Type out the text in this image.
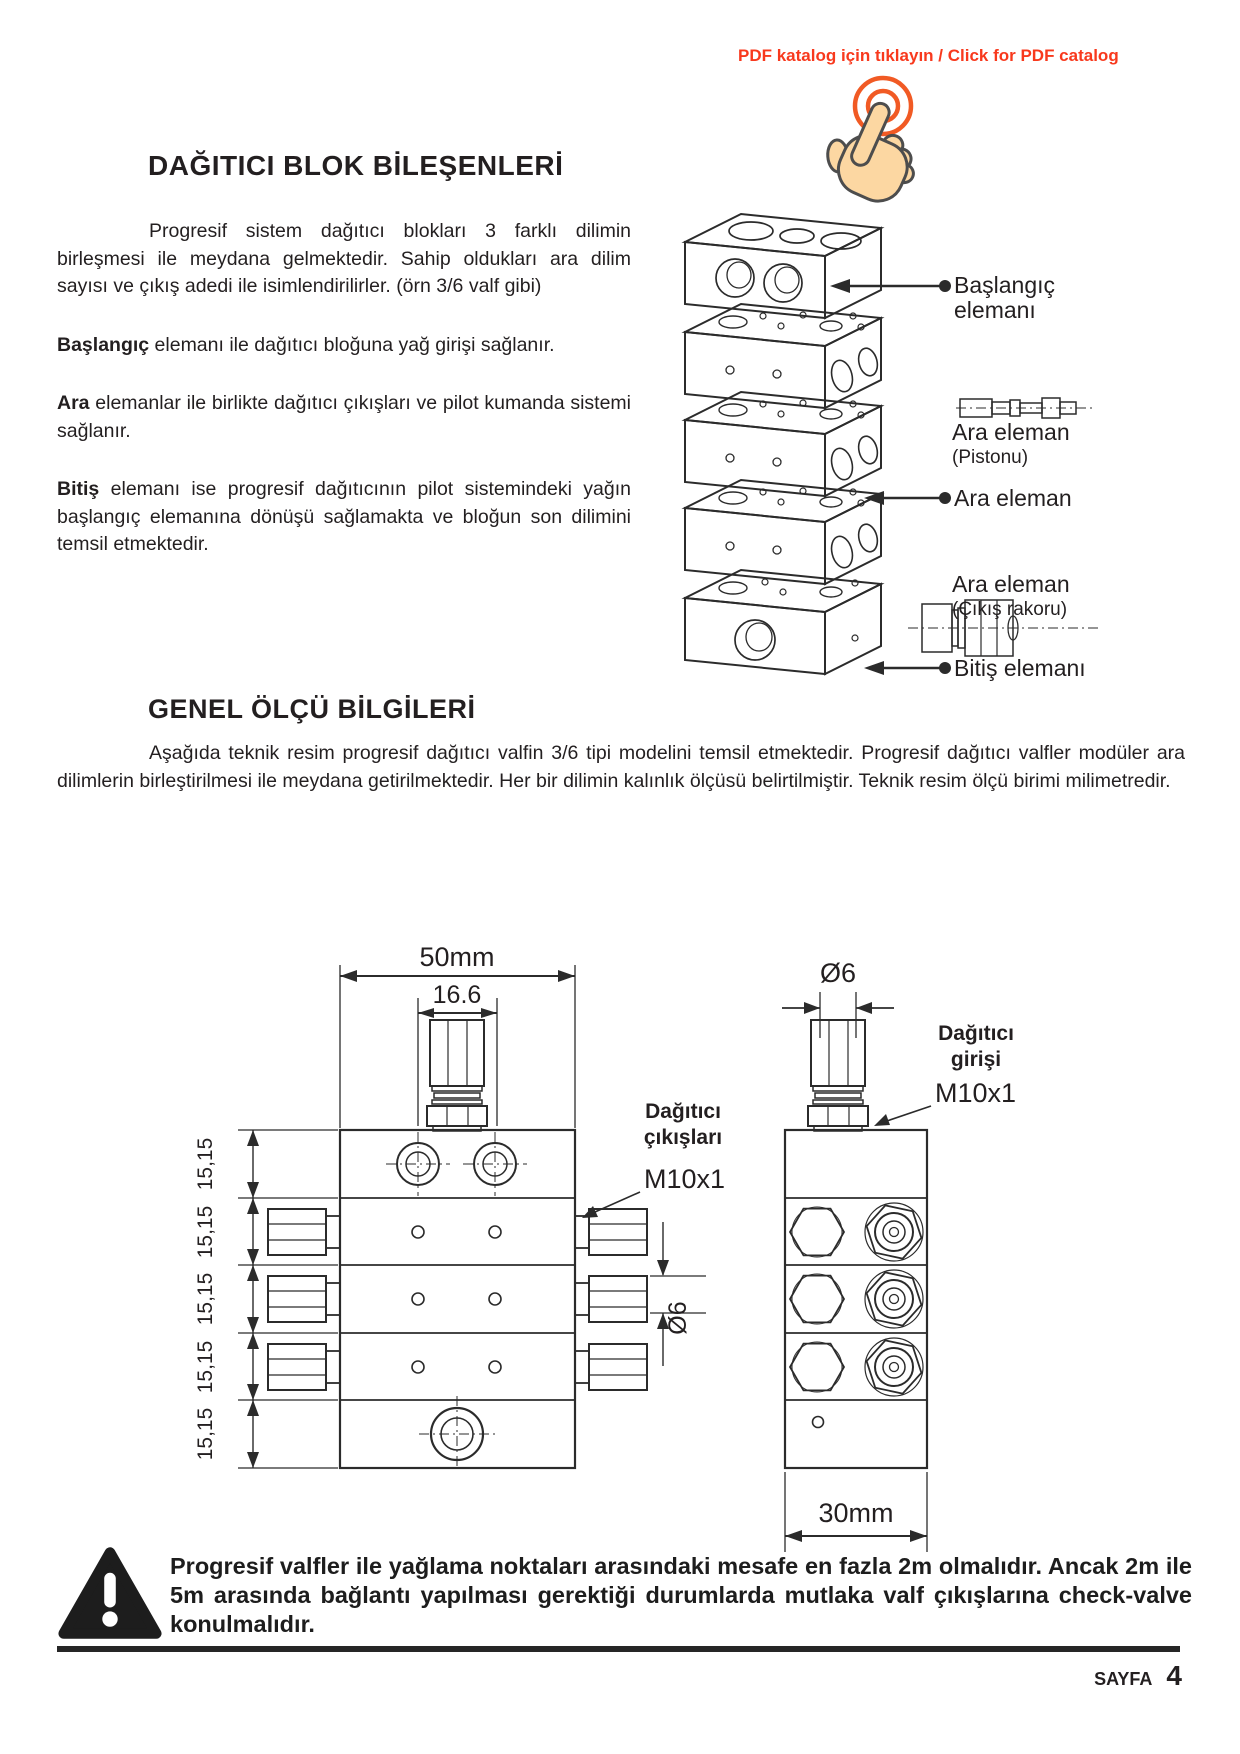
PDF katalog için tıklayın / Click for PDF catalog
DAĞITICI BLOK BİLEŞENLERİ

Progresif sistem dağıtıcı blokları 3 farklı dilimin birleşmesi ile meydana gelmektedir. Sahip oldukları ara dilim sayısı ve çıkış adedi ile isimlendirilirler. (örn 3/6 valf gibi)

Başlangıç elemanı ile dağıtıcı bloğuna yağ girişi sağlanır.

Ara elemanlar ile birlikte dağıtıcı çıkışları ve pilot kumanda sistemi sağlanır.

Bitiş elemanı ise progresif dağıtıcının pilot sistemindeki yağın başlangıç elemanına dönüşü sağlamakta ve bloğun son dilimini temsil etmektedir.

Başlangıç
elemanı
Ara eleman
(Pistonu)
Ara eleman
Ara eleman
(Çıkış rakoru)
Bitiş elemanı
GENEL ÖLÇÜ BİLGİLERİ

Aşağıda teknik resim progresif dağıtıcı valfin 3/6 tipi modelini temsil etmektedir. Progresif dağıtıcı valfler modüler ara dilimlerin birleştirilmesi ile meydana getirilmektedir. Her bir dilimin kalınlık ölçüsü belirtilmiştir. Teknik resim ölçü birimi milimetredir.

50mm
16.6
15,15
15,15
15,15
15,15
15,15
Ø6
Dağıtıcı
çıkışları
M10x1
Ø6
Dağıtıcı
girişi
M10x1
30mm

Progresif valfler ile yağlama noktaları arasındaki mesafe en fazla 2m olmalıdır. Ancak 2m ile 5m arasında bağlantı yapılması gerektiği durumlarda mutlaka valf çıkışlarına check-valve konulmalıdır.

SAYFA 4
